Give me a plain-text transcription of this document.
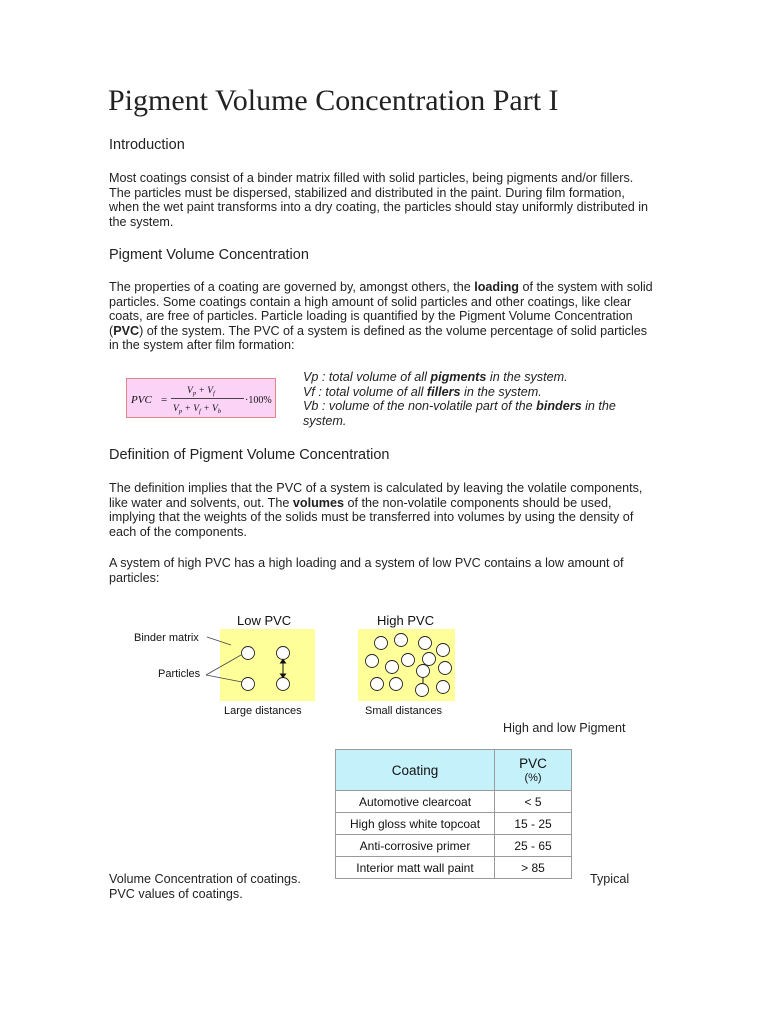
Pigment Volume Concentration Part I
Introduction

Most coatings consist of a binder matrix filled with solid particles, being pigments and/or fillers. The particles must be dispersed, stabilized and distributed in the paint. During film formation, when the wet paint transforms into a dry coating, the particles should stay uniformly distributed in the system.

Pigment Volume Concentration

The properties of a coating are governed by, amongst others, the loading of the system with solid particles. Some coatings contain a high amount of solid particles and other coatings, like clear coats, are free of particles. Particle loading is quantified by the Pigment Volume Concentration (PVC) of the system. The PVC of a system is defined as the volume percentage of solid particles in the system after film formation:

PVC =
$V_p + V_f$
$V_p + V_f + V_b$
·100%
Vp : total volume of all pigments in the system.
Vf : total volume of all fillers in the system.
Vb : volume of the non-volatile part of the binders in the system.
Definition of Pigment Volume Concentration

The definition implies that the PVC of a system is calculated by leaving the volatile components, like water and solvents, out. The volumes of the non-volatile components should be used, implying that the weights of the solids must be transferred into volumes by using the density of each of the components.

A system of high PVC has a high loading and a system of low PVC contains a low amount of particles:

Low PVC	High PVC
Binder matrix
Particles
Large distances	Small distances
High and low Pigment
Volume Concentration of coatings.	Typical
PVC values of coatings.
Coating	PVC
(%)

Automotive clearcoat	< 5
High gloss white topcoat	15 - 25
Anti-corrosive primer	25 - 65
Interior matt wall paint	> 85
